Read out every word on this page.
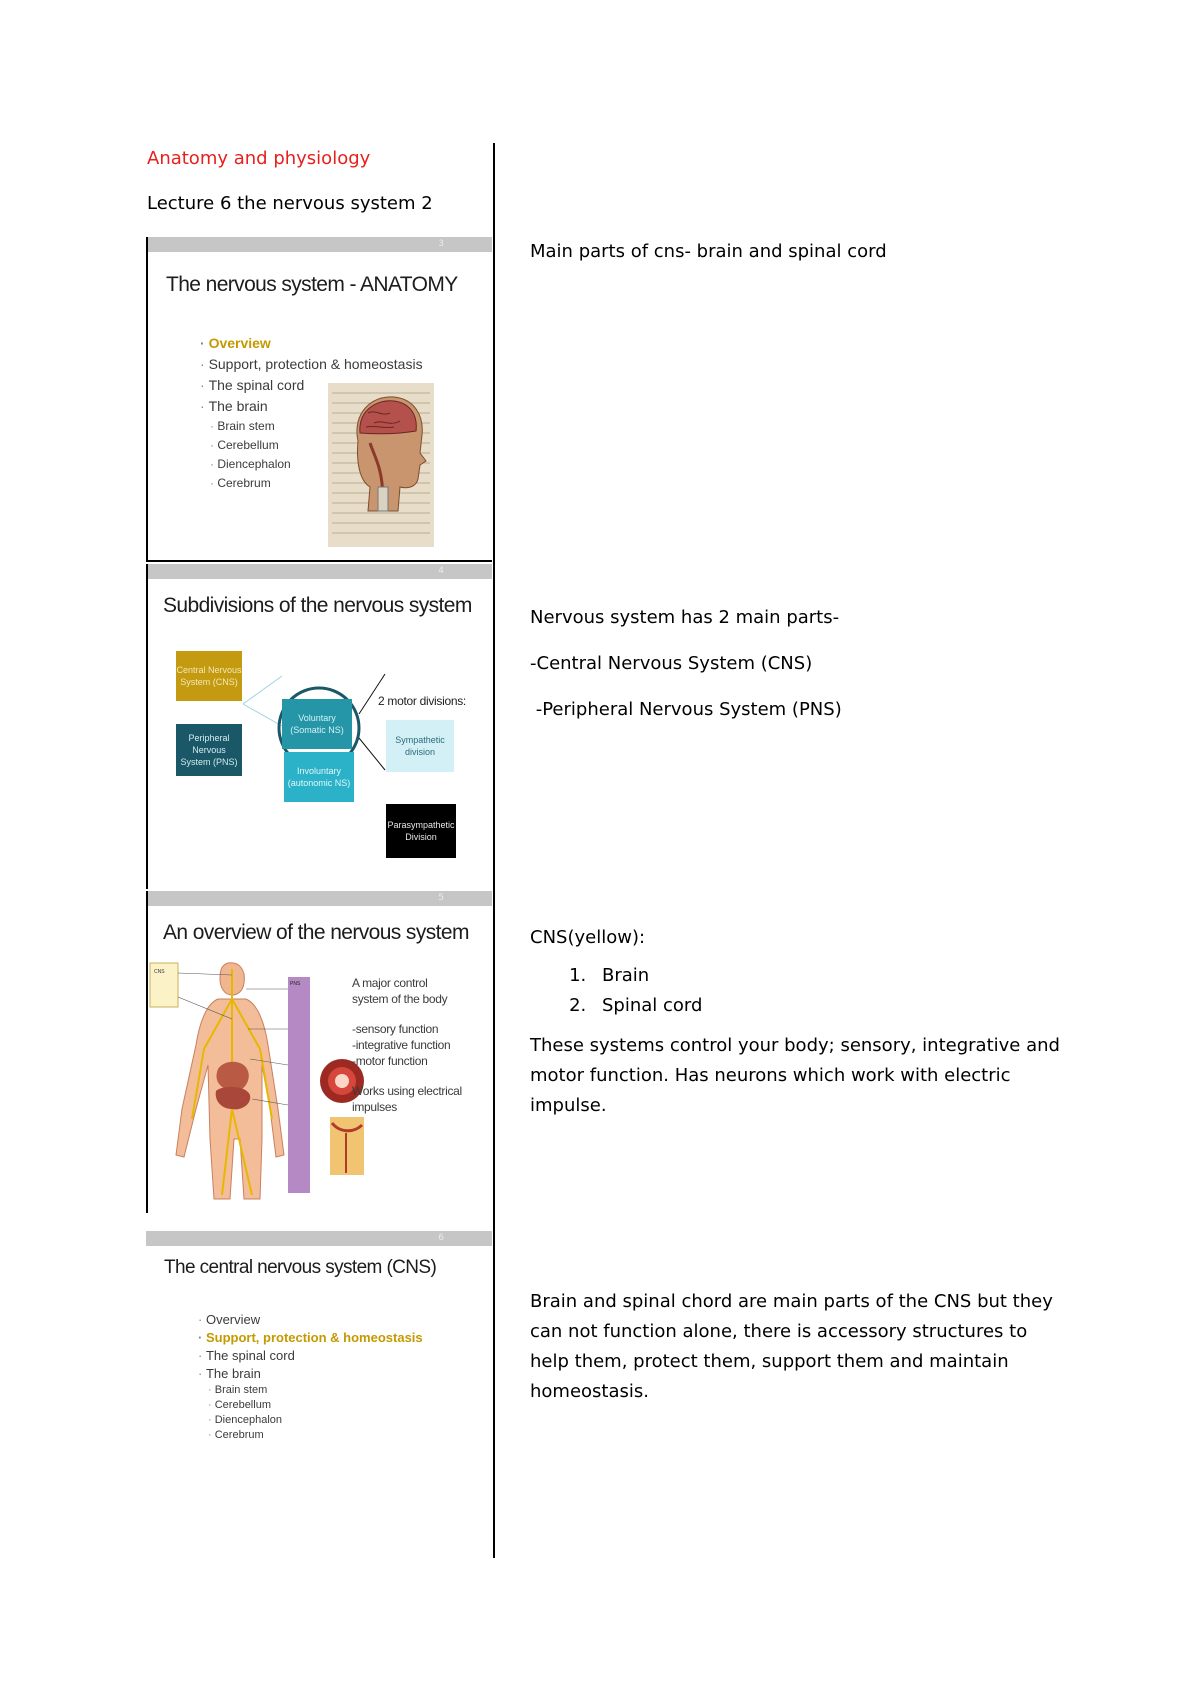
Anatomy and physiology
Lecture 6 the nervous system 2
3
The nervous system - ANATOMY
· Overview
· Support, protection & homeostasis
· The spinal cord
· The brain
· Brain stem
· Cerebellum
· Diencephalon
· Cerebrum
4
Subdivisions of the nervous system
Central Nervous System (CNS)
Peripheral Nervous System (PNS)
Voluntary (Somatic NS)
Involuntary (autonomic NS)
2 motor divisions:
Sympathetic division
Parasympathetic Division
5
An overview of the nervous system
CNS
PNS	A major control
system of the body
-sensory function
-integrative function
-motor function
Works using electrical
impulses
6
The central nervous system (CNS)
· Overview
· Support, protection & homeostasis
· The spinal cord
· The brain
· Brain stem
· Cerebellum
· Diencephalon
· Cerebrum

Main parts of cns- brain and spinal cord

Nervous system has 2 main parts-

-Central Nervous System (CNS)

-Peripheral Nervous System (PNS)

CNS(yellow):

1. Brain
2. Spinal cord

These systems control your body; sensory, integrative and motor function. Has neurons which work with electric impulse.

Brain and spinal chord are main parts of the CNS but they can not function alone, there is accessory structures to help them, protect them, support them and maintain homeostasis.
